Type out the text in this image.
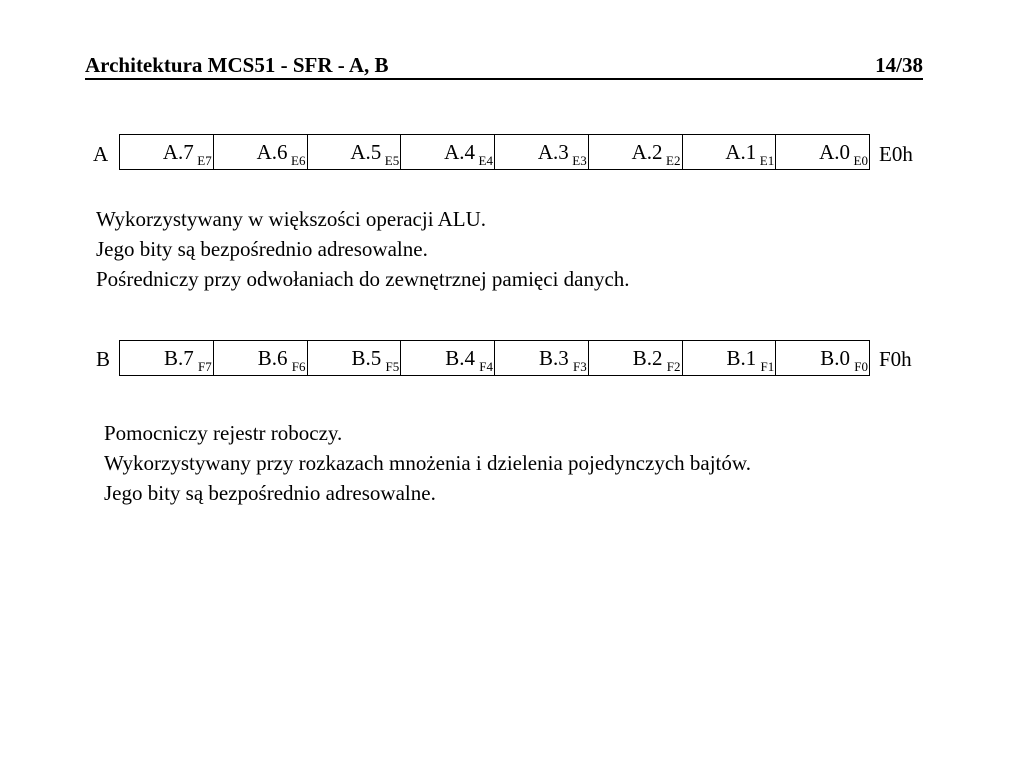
Architektura MCS51 - SFR - A, B	14/38
A	A.7 E7 A.6 E6 A.5 E5 A.4 E4 A.3 E3 A.2 E2 A.1 E1 A.0 E0 E0h

Wykorzystywany w większości operacji ALU.

Jego bity są bezpośrednio adresowalne.

Pośredniczy przy odwołaniach do zewnętrznej pamięci danych.

B	B.7 F7 B.6 F6 B.5 F5 B.4 F4 B.3 F3 B.2 F2 B.1 F1 B.0 F0 F0h

Pomocniczy rejestr roboczy.

Wykorzystywany przy rozkazach mnożenia i dzielenia pojedynczych bajtów.

Jego bity są bezpośrednio adresowalne.
